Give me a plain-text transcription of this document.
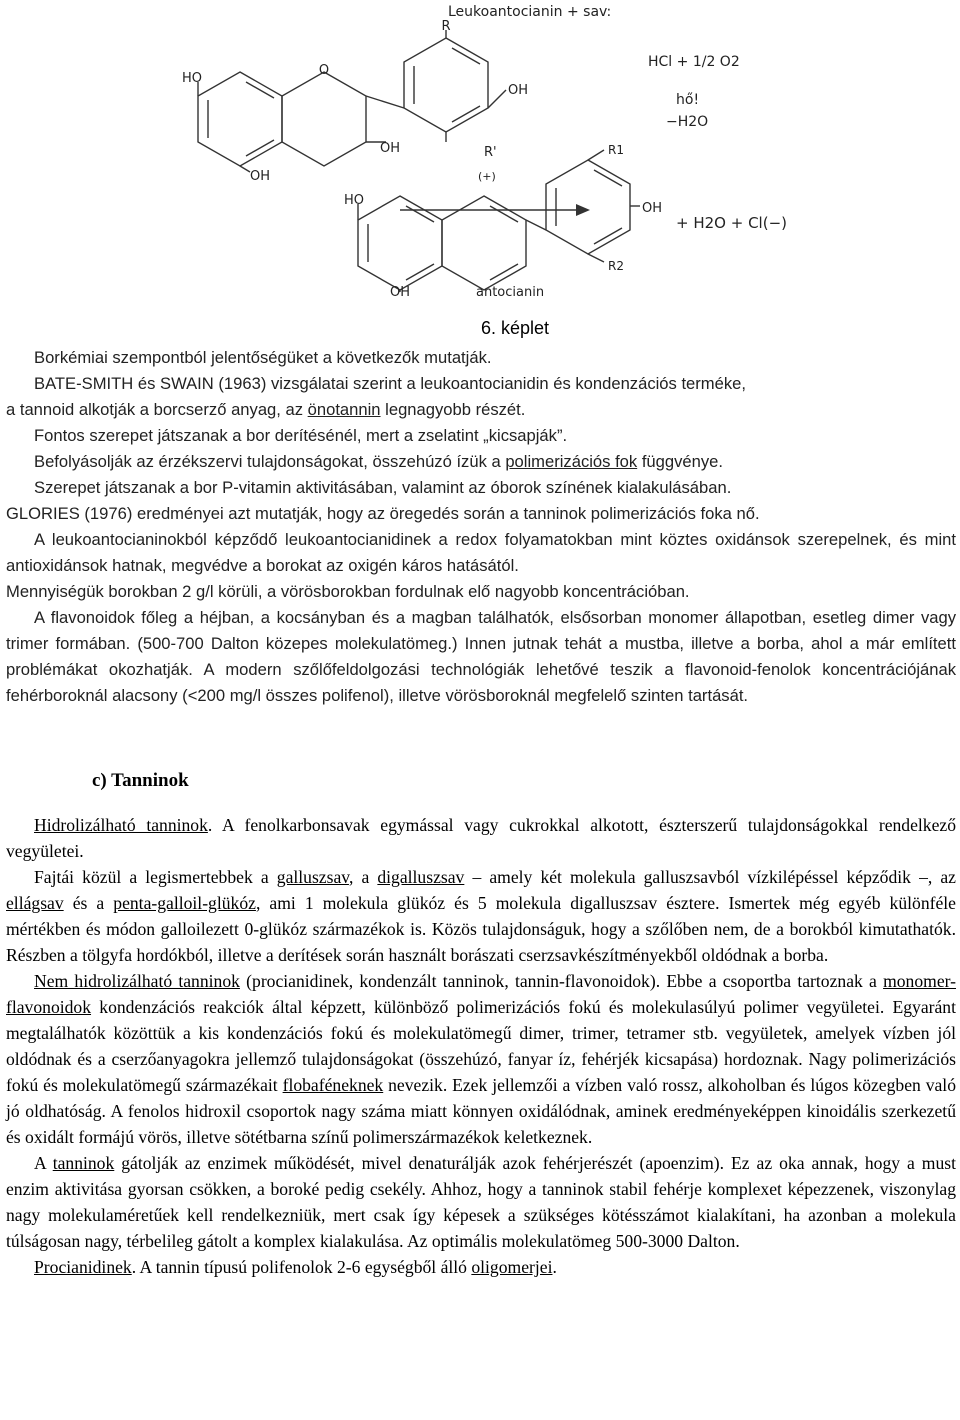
Leukoantocianin + sav:
R
HO
O
OH
OH
OH
R'
HCl + 1/2 O2
hő!
−H2O
(+)
HO
R1
OH
R2
OH	antocianin
+ H2O + Cl(−)
6. képlet

Borkémiai szempontból jelentőségüket a következők mutatják.

BATE-SMITH és SWAIN (1963) vizsgálatai szerint a leukoantocianidin és kondenzációs terméke,

a tannoid alkotják a borcserző anyag, az önotannin legnagyobb részét.

Fontos szerepet játszanak a bor derítésénél, mert a zselatint „kicsapják”.

Befolyásolják az érzékszervi tulajdonságokat, összehúzó ízük a polimerizációs fok függvénye.

Szerepet játszanak a bor P-vitamin aktivitásában, valamint az óborok színének kialakulásában.

GLORIES (1976) eredményei azt mutatják, hogy az öregedés során a tanninok polimerizációs foka nő.

A leukoantocianinokból képződő leukoantocianidinek a redox folyamatokban mint köztes oxidánsok szerepelnek, és mint antioxidánsok hatnak, megvédve a borokat az oxigén káros hatásától.

Mennyiségük borokban 2 g/l körüli, a vörösborokban fordulnak elő nagyobb koncentrációban.

A flavonoidok főleg a héjban, a kocsányban és a magban találhatók, elsősorban monomer állapotban, esetleg dimer vagy trimer formában. (500-700 Dalton közepes molekulatömeg.) Innen jutnak tehát a mustba, illetve a borba, ahol a már említett problémákat okozhatják. A modern szőlőfeldolgozási technológiák lehetővé teszik a flavonoid-fenolok koncentrációjának fehérboroknál alacsony (<200 mg/l összes polifenol), illetve vörösboroknál megfelelő szinten tartását.

c) Tanninok

Hidrolizálható tanninok. A fenolkarbonsavak egymással vagy cukrokkal alkotott, észterszerű tulajdonságokkal rendelkező vegyületei.

Fajtái közül a legismertebbek a galluszsav, a digalluszsav – amely két molekula galluszsavból vízkilépéssel képződik –, az ellágsav és a penta-galloil-glükóz, ami 1 molekula glükóz és 5 molekula digalluszsav észtere. Ismertek még egyéb különféle mértékben és módon galloilezett 0-glükóz származékok is. Közös tulajdonságuk, hogy a szőlőben nem, de a borokból kimutathatók. Részben a tölgyfa hordókból, illetve a derítések során használt borászati cserzsavkészítményekből oldódnak a borba.

Nem hidrolizálható tanninok (procianidinek, kondenzált tanninok, tannin-flavonoidok). Ebbe a csoportba tartoznak a monomer-flavonoidok kondenzációs reakciók által képzett, különböző polimerizációs fokú és molekulasúlyú polimer vegyületei. Egyaránt megtalálhatók közöttük a kis kondenzációs fokú és molekulatömegű dimer, trimer, tetramer stb. vegyületek, amelyek vízben jól oldódnak és a cserzőanyagokra jellemző tulajdonságokat (összehúzó, fanyar íz, fehérjék kicsapása) hordoznak. Nagy polimerizációs fokú és molekulatömegű származékait flobaféneknek nevezik. Ezek jellemzői a vízben való rossz, alkoholban és lúgos közegben való jó oldhatóság. A fenolos hidroxil csoportok nagy száma miatt könnyen oxidálódnak, aminek eredményeképpen kinoidális szerkezetű és oxidált formájú vörös, illetve sötétbarna színű polimerszármazékok keletkeznek.

A tanninok gátolják az enzimek működését, mivel denaturálják azok fehérjerészét (apoenzim). Ez az oka annak, hogy a must enzim aktivitása gyorsan csökken, a boroké pedig csekély. Ahhoz, hogy a tanninok stabil fehérje komplexet képezzenek, viszonylag nagy molekulaméretűek kell rendelkezniük, mert csak így képesek a szükséges kötésszámot kialakítani, ha azonban a molekula túlságosan nagy, térbelileg gátolt a komplex kialakulása. Az optimális molekulatömeg 500-3000 Dalton.

Procianidinek. A tannin típusú polifenolok 2-6 egységből álló oligomerjei.
